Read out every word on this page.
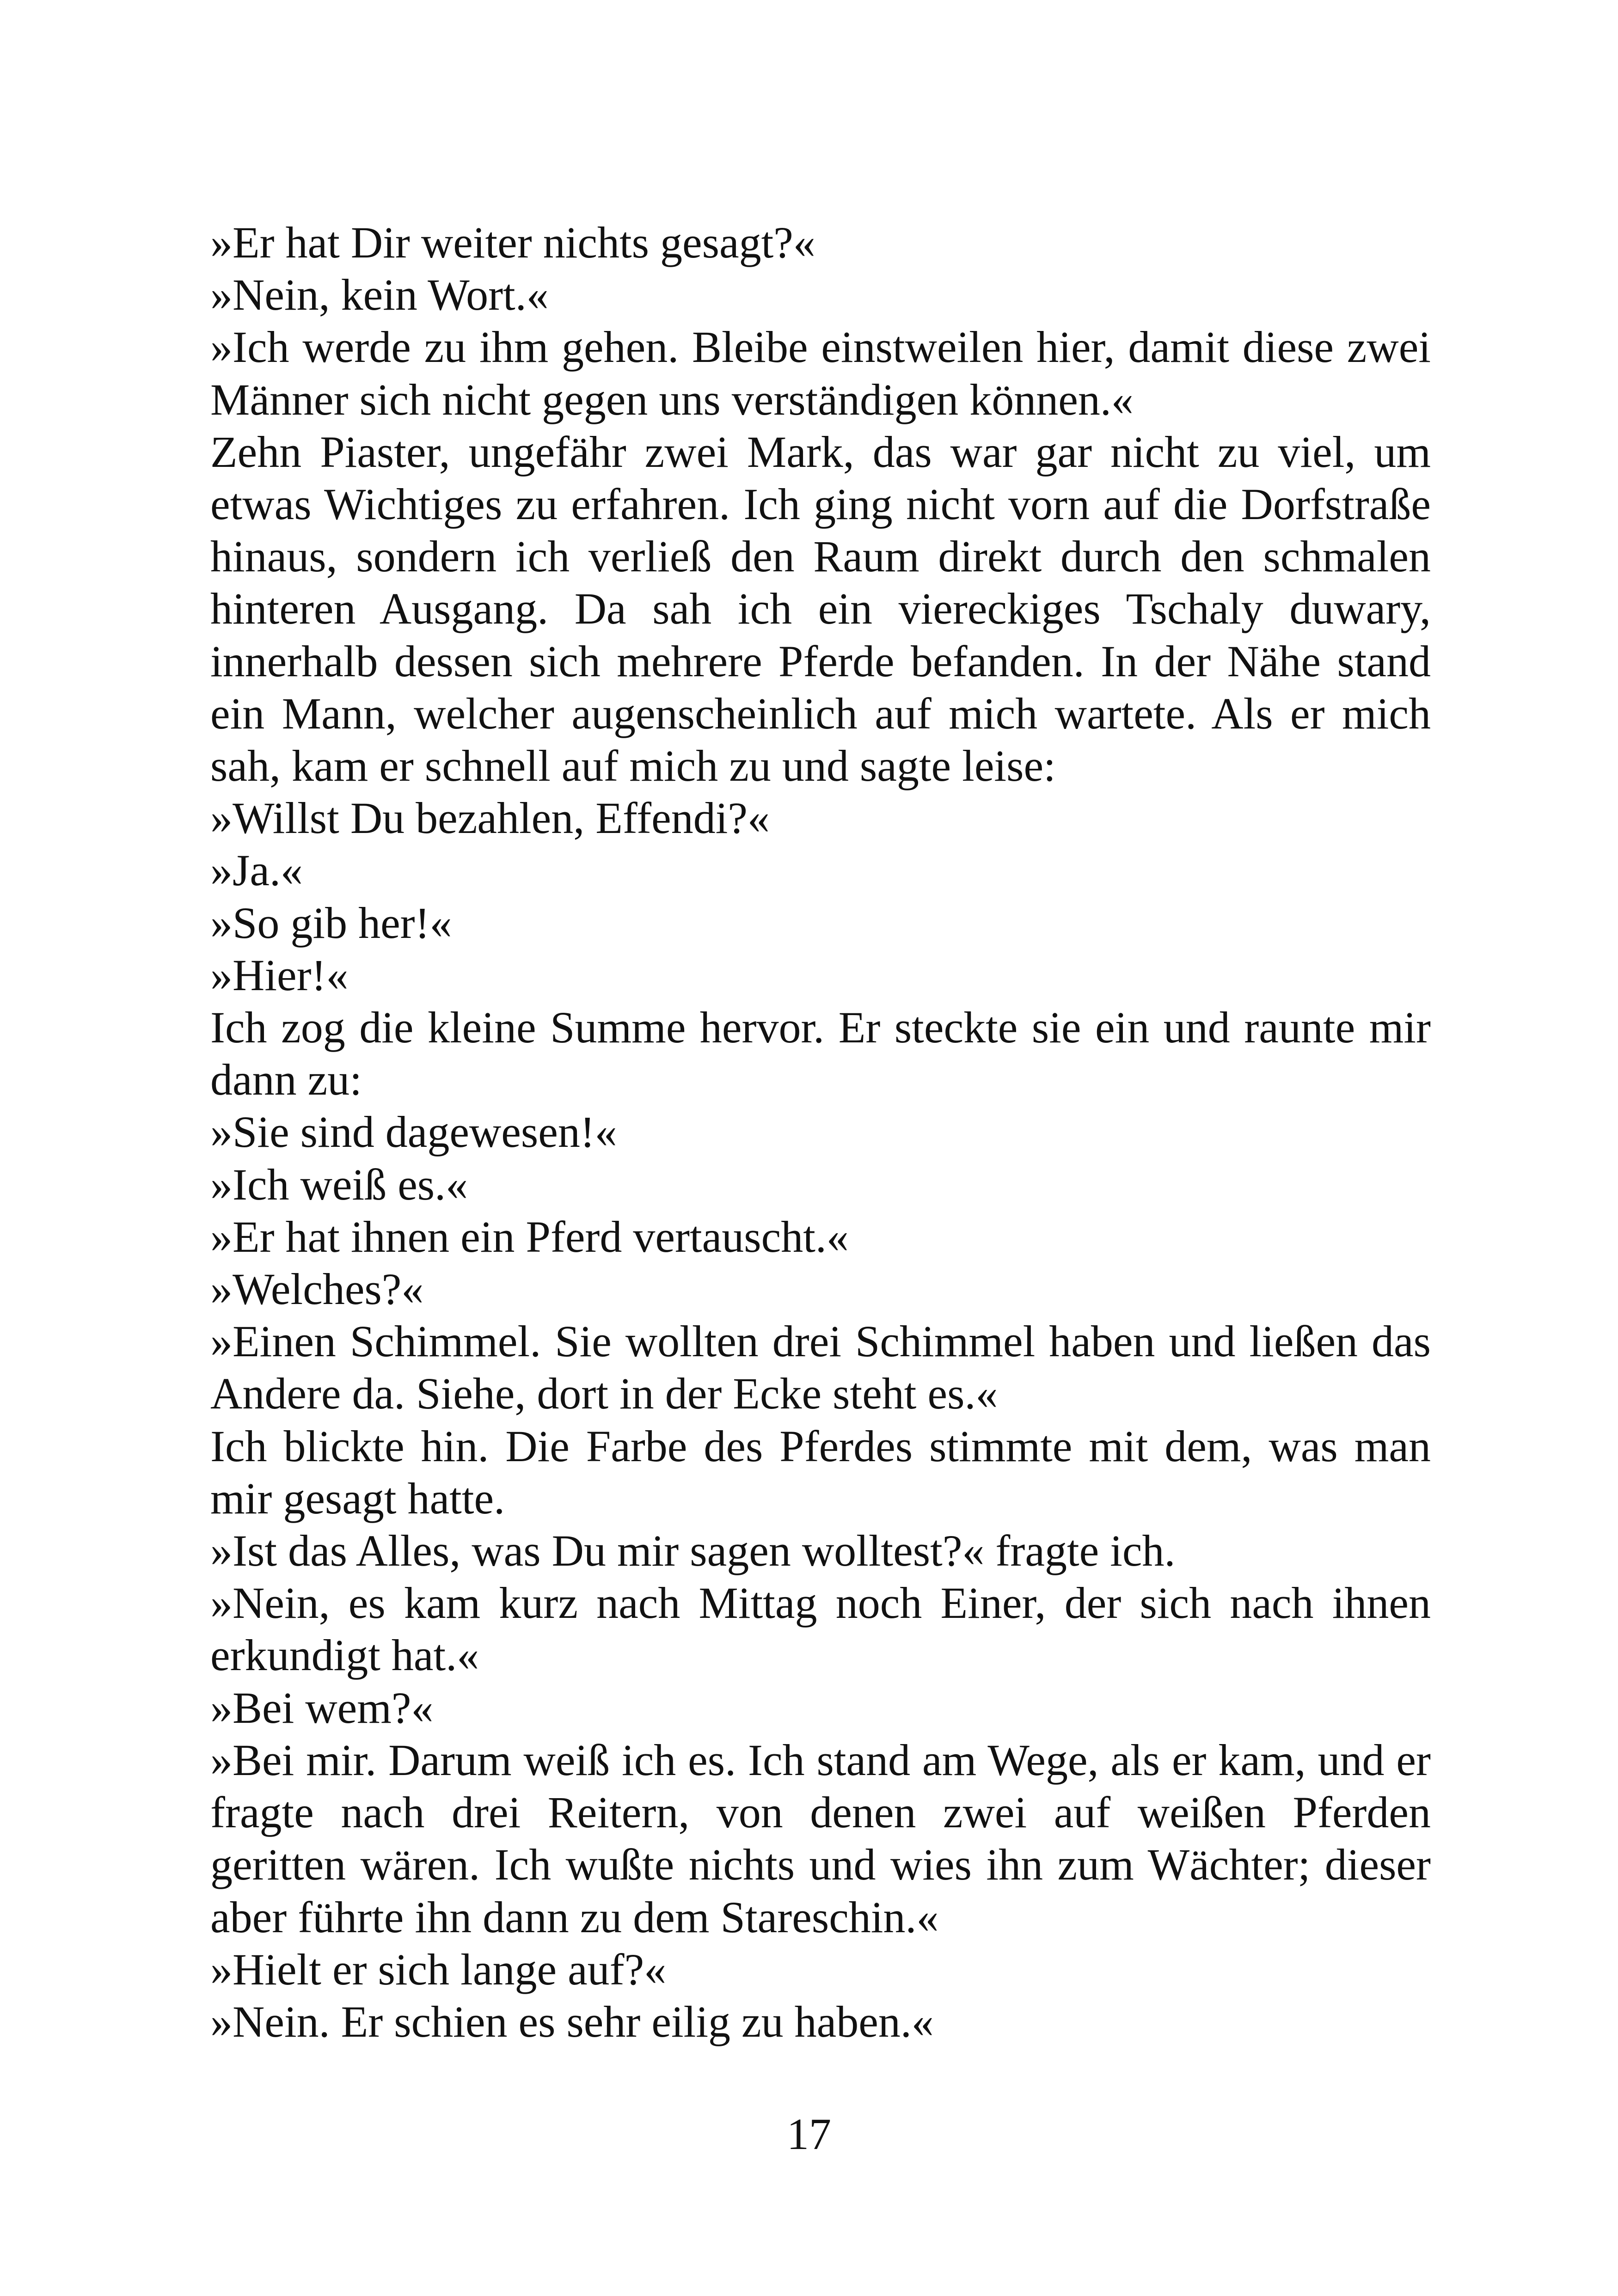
»Er hat Dir weiter nichts gesagt?«

»Nein, kein Wort.«

»Ich werde zu ihm gehen. Bleibe einstweilen hier, damit diese zwei Männer sich nicht gegen uns verständigen können.«

Zehn Piaster, ungefähr zwei Mark, das war gar nicht zu viel, um etwas Wichtiges zu erfahren. Ich ging nicht vorn auf die Dorfstraße hinaus, sondern ich verließ den Raum direkt durch den schmalen hinteren Ausgang. Da sah ich ein viereckiges Tschaly duwary, innerhalb dessen sich mehrere Pferde befanden. In der Nähe stand ein Mann, welcher augenscheinlich auf mich wartete. Als er mich sah, kam er schnell auf mich zu und sagte leise:

»Willst Du bezahlen, Effendi?«

»Ja.«

»So gib her!«

»Hier!«

Ich zog die kleine Summe hervor. Er steckte sie ein und raunte mir dann zu:

»Sie sind dagewesen!«

»Ich weiß es.«

»Er hat ihnen ein Pferd vertauscht.«

»Welches?«

»Einen Schimmel. Sie wollten drei Schimmel haben und ließen das Andere da. Siehe, dort in der Ecke steht es.«

Ich blickte hin. Die Farbe des Pferdes stimmte mit dem, was man mir gesagt hatte.

»Ist das Alles, was Du mir sagen wolltest?« fragte ich.

»Nein, es kam kurz nach Mittag noch Einer, der sich nach ihnen erkundigt hat.«

»Bei wem?«

»Bei mir. Darum weiß ich es. Ich stand am Wege, als er kam, und er fragte nach drei Reitern, von denen zwei auf weißen Pferden geritten wären. Ich wußte nichts und wies ihn zum Wächter; dieser aber führte ihn dann zu dem Stareschin.«

»Hielt er sich lange auf?«

»Nein. Er schien es sehr eilig zu haben.«

17
